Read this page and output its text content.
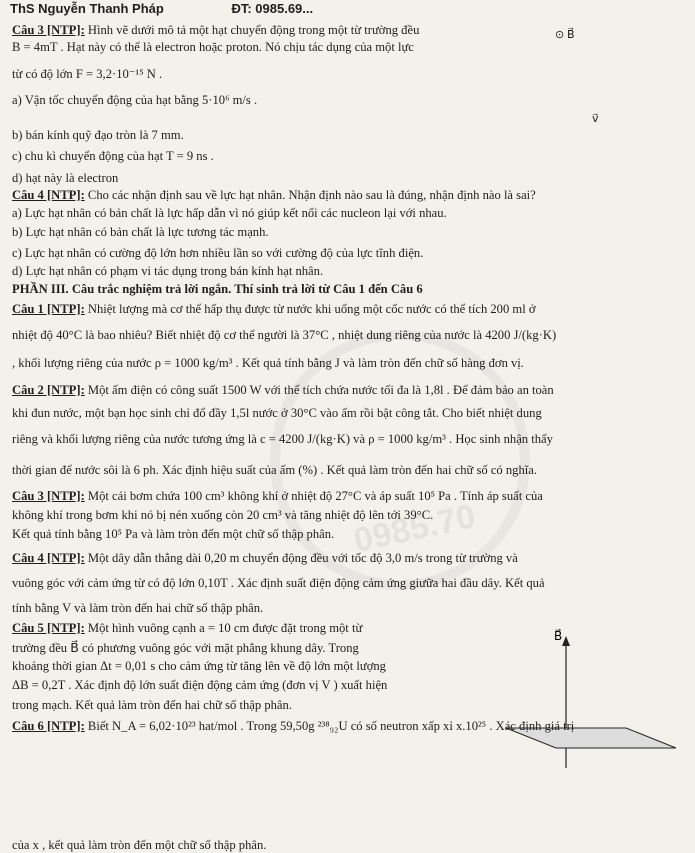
0985.70
ThS Nguyễn Thanh Pháp	ĐT: 0985.69...
⊙ B⃗
v⃗
B⃗
Câu 3 [NTP]: Hình vẽ dưới mô tả một hạt chuyển động trong một từ trường đều
B = 4mT . Hạt này có thể là electron hoặc proton. Nó chịu tác dụng của một lực
từ có độ lớn F = 3,2·10⁻¹⁵ N .
a) Vận tốc chuyển động của hạt bằng 5·10⁶ m/s .
b) bán kính quỹ đạo tròn là 7 mm.
c) chu kì chuyển động của hạt T = 9 ns .
d) hạt này là electron
Câu 4 [NTP]: Cho các nhận định sau về lực hạt nhân. Nhận định nào sau là đúng, nhận định nào là sai?
a) Lực hạt nhân có bản chất là lực hấp dẫn vì nó giúp kết nối các nucleon lại với nhau.
b) Lực hạt nhân có bản chất là lực tương tác mạnh.
c) Lực hạt nhân có cường độ lớn hơn nhiều lần so với cường độ của lực tĩnh điện.
d) Lực hạt nhân có phạm vi tác dụng trong bán kính hạt nhân.
PHẦN III. Câu trắc nghiệm trả lời ngắn. Thí sinh trả lời từ Câu 1 đến Câu 6
Câu 1 [NTP]: Nhiệt lượng mà cơ thể hấp thụ được từ nước khi uống một cốc nước có thể tích 200 ml ở
nhiệt độ 40°C là bao nhiêu? Biết nhiệt độ cơ thể người là 37°C , nhiệt dung riêng của nước là 4200 J/(kg·K)
, khối lượng riêng của nước ρ = 1000 kg/m³ . Kết quả tính bằng J và làm tròn đến chữ số hàng đơn vị.
Câu 2 [NTP]: Một ấm điện có công suất 1500 W với thể tích chứa nước tối đa là 1,8l . Để đảm bảo an toàn
khi đun nước, một bạn học sinh chỉ đổ đầy 1,5l nước ở 30°C vào ấm rồi bật công tắt. Cho biết nhiệt dung
riêng và khối lượng riêng của nước tương ứng là c = 4200 J/(kg·K) và ρ = 1000 kg/m³ . Học sinh nhận thấy
thời gian để nước sôi là 6 ph. Xác định hiệu suất của ấm (%) . Kết quả làm tròn đến hai chữ số có nghĩa.
Câu 3 [NTP]: Một cái bơm chứa 100 cm³ không khí ở nhiệt độ 27°C và áp suất 10⁵ Pa . Tính áp suất của
không khí trong bơm khi nó bị nén xuống còn 20 cm³ và tăng nhiệt độ lên tới 39°C.
Kết quả tính bằng 10⁵ Pa và làm tròn đến một chữ số thập phân.
Câu 4 [NTP]: Một dây dẫn thẳng dài 0,20 m chuyển động đều với tốc độ 3,0 m/s trong từ trường và
vuông góc với cảm ứng từ có độ lớn 0,10T . Xác định suất điện động cảm ứng giưữa hai đầu dây. Kết quả
tính bằng V và làm tròn đến hai chữ số thập phân.
Câu 5 [NTP]: Một hình vuông cạnh a = 10 cm được đặt trong một từ
trường đều B⃗ có phương vuông góc với mặt phẳng khung dây. Trong
khoảng thời gian Δt = 0,01 s cho cảm ứng từ tăng lên về độ lớn một lượng
ΔB = 0,2T . Xác định độ lớn suất điện động cảm ứng (đơn vị V ) xuất hiện
trong mạch. Kết quả làm tròn đến hai chữ số thập phân.
Câu 6 [NTP]: Biết N_A = 6,02·10²³ hat/mol . Trong 59,50g ²³⁸₉₂U có số neutron xấp xỉ x.10²⁵ . Xác định giá trị
của x , kết quả làm tròn đến một chữ số thập phân.
